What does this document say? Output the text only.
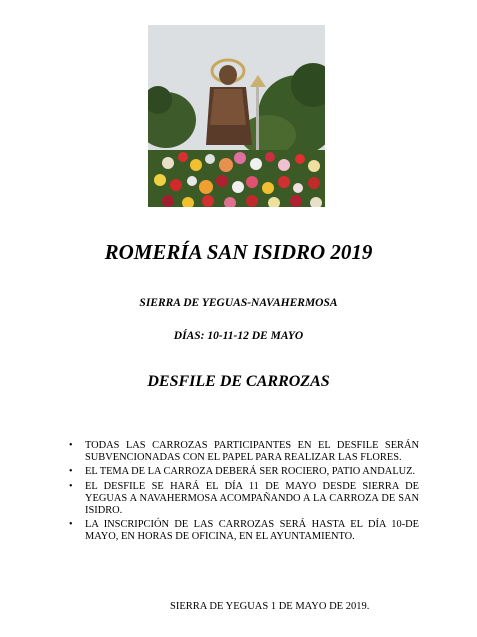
ROMERÍA SAN ISIDRO 2019

SIERRA DE YEGUAS-NAVAHERMOSA

DÍAS: 10-11-12 DE MAYO

DESFILE DE CARROZAS
• TODAS LAS CARROZAS PARTICIPANTES EN EL DESFILE SERÁN SUBVENCIONADAS CON EL PAPEL PARA REALIZAR LAS FLORES.
• EL TEMA DE LA CARROZA DEBERÁ SER ROCIERO, PATIO ANDALUZ.
• EL DESFILE SE HARÁ EL DÍA 11 DE MAYO DESDE SIERRA DE YEGUAS A NAVAHERMOSA ACOMPAÑANDO A LA CARROZA DE SAN ISIDRO.
• LA INSCRIPCIÓN DE LAS CARROZAS SERÁ HASTA EL DÍA 10-DE MAYO, EN HORAS DE OFICINA, EN EL AYUNTAMIENTO.

SIERRA DE YEGUAS 1 DE MAYO DE 2019.
